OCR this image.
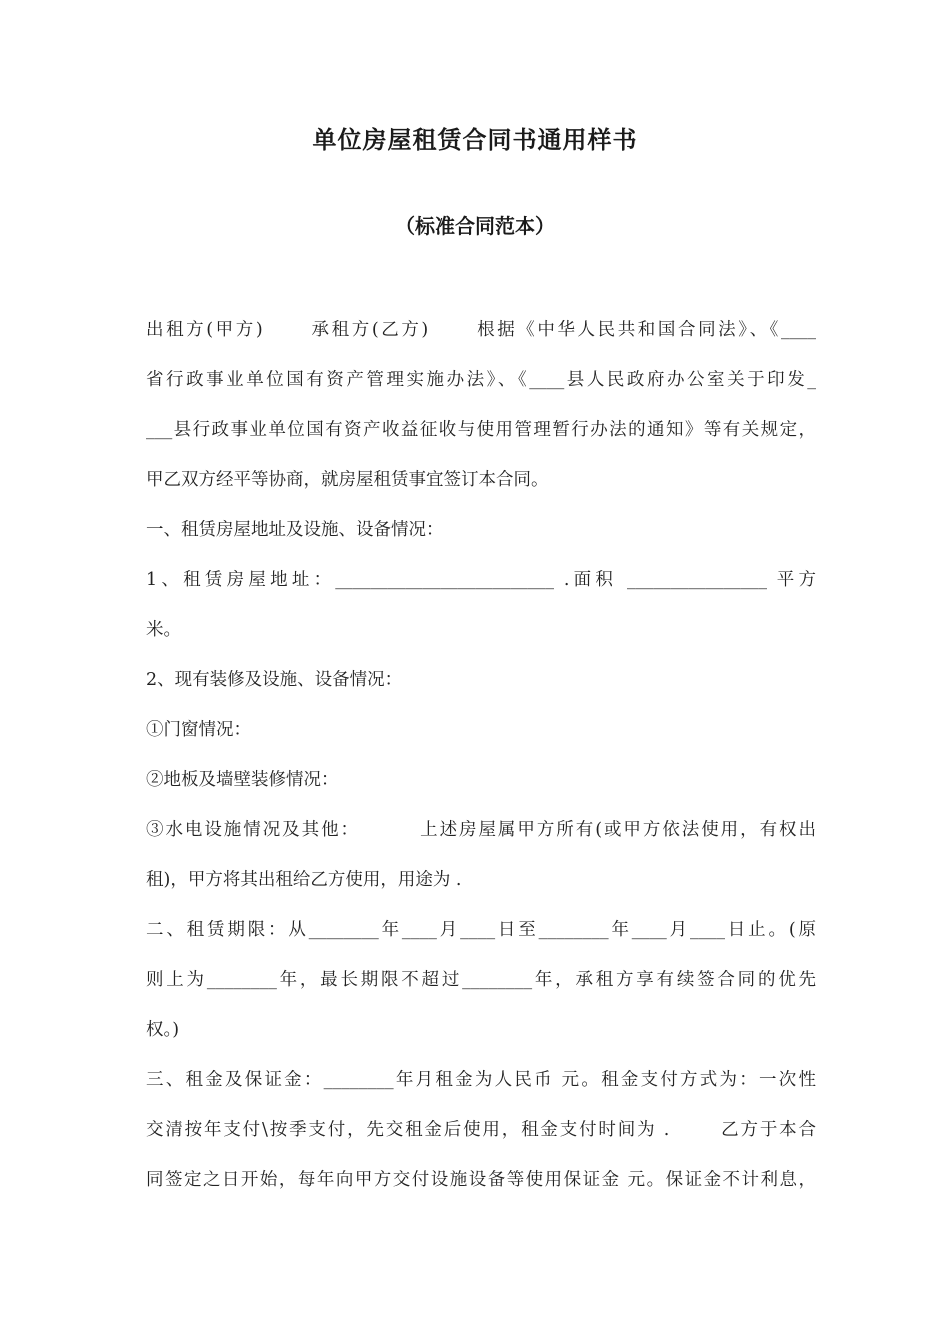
单位房屋租赁合同书通用样书
（标准合同范本）
出租方(甲方)      承租方(乙方)      根据《中华人民共和国合同法》、《____
省行政事业单位国有资产管理实施办法》、《____县人民政府办公室关于印发_
___县行政事业单位国有资产收益征收与使用管理暂行办法的通知》等有关规定，
甲乙双方经平等协商，就房屋租赁事宜签订本合同。
一、租赁房屋地址及设施、设备情况：
1、租赁房屋地址：_________________________ .面积 ________________ 平方
米。
2、现有装修及设施、设备情况：
①门窗情况：
②地板及墙壁装修情况：
③水电设施情况及其他：        上述房屋属甲方所有(或甲方依法使用，有权出
租)，甲方将其出租给乙方使用，用途为 .
二、租赁期限：从________年____月____日至________年____月____日止。(原
则上为________年，最长期限不超过________年，承租方享有续签合同的优先
权。)
三、租金及保证金：________年月租金为人民币 元。租金支付方式为：一次性
交清按年支付\按季支付，先交租金后使用，租金支付时间为 .       乙方于本合
同签定之日开始，每年向甲方交付设施设备等使用保证金 元。保证金不计利息，
